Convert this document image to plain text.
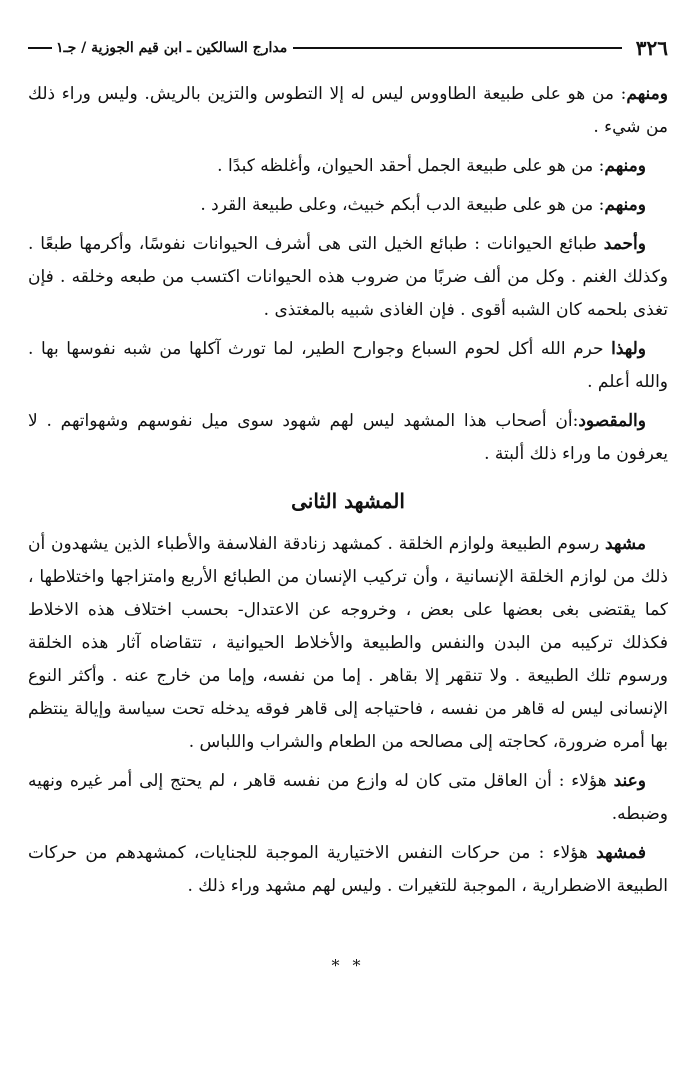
٣٢٦
مدارج السالكين ـ ابن قيم الجوزية / جـ١

ومنهم: من هو على طبيعة الطاووس ليس له إلا التطوس والتزين بالريش. وليس وراء ذلك من شيء .

ومنهم: من هو على طبيعة الجمل أحقد الحيوان، وأغلظه كبدًا .

ومنهم: من هو على طبيعة الدب أبكم خبيث، وعلى طبيعة القرد .

وأحمد طبائع الحيوانات : طبائع الخيل التى هى أشرف الحيوانات نفوسًا، وأكرمها طبعًا . وكذلك الغنم . وكل من ألف ضربًا من ضروب هذه الحيوانات اكتسب من طبعه وخلقه . فإن تغذى بلحمه كان الشبه أقوى . فإن الغاذى شبيه بالمغتذى .

ولهذا حرم الله أكل لحوم السباع وجوارح الطير، لما تورث آكلها من شبه نفوسها بها . والله أعلم .

والمقصود:أن أصحاب هذا المشهد ليس لهم شهود سوى ميل نفوسهم وشهواتهم . لا يعرفون ما وراء ذلك ألبتة .

المشهد الثانى

مشهد رسوم الطبيعة ولوازم الخلقة . كمشهد زنادقة الفلاسفة والأطباء الذين يشهدون أن ذلك من لوازم الخلقة الإنسانية ، وأن تركيب الإنسان من الطبائع الأربع وامتزاجها واختلاطها ، كما يقتضى بغى بعضها على بعض ، وخروجه عن الاعتدال- بحسب اختلاف هذه الاخلاط فكذلك تركيبه من البدن والنفس والطبيعة والأخلاط الحيوانية ، تتقاضاه آثار هذه الخلقة ورسوم تلك الطبيعة . ولا تنقهر إلا بقاهر . إما من نفسه، وإما من خارج عنه . وأكثر النوع الإنسانى ليس له قاهر من نفسه ، فاحتياجه إلى قاهر فوقه يدخله تحت سياسة وإيالة ينتظم بها أمره ضرورة، كحاجته إلى مصالحه من الطعام والشراب واللباس .

وعند هؤلاء : أن العاقل متى كان له وازع من نفسه قاهر ، لم يحتج إلى أمر غيره ونهيه وضبطه.

فمشهد هؤلاء : من حركات النفس الاختيارية الموجبة للجنايات، كمشهدهم من حركات الطبيعة الاضطرارية ، الموجبة للتغيرات . وليس لهم مشهد وراء ذلك .

* *
